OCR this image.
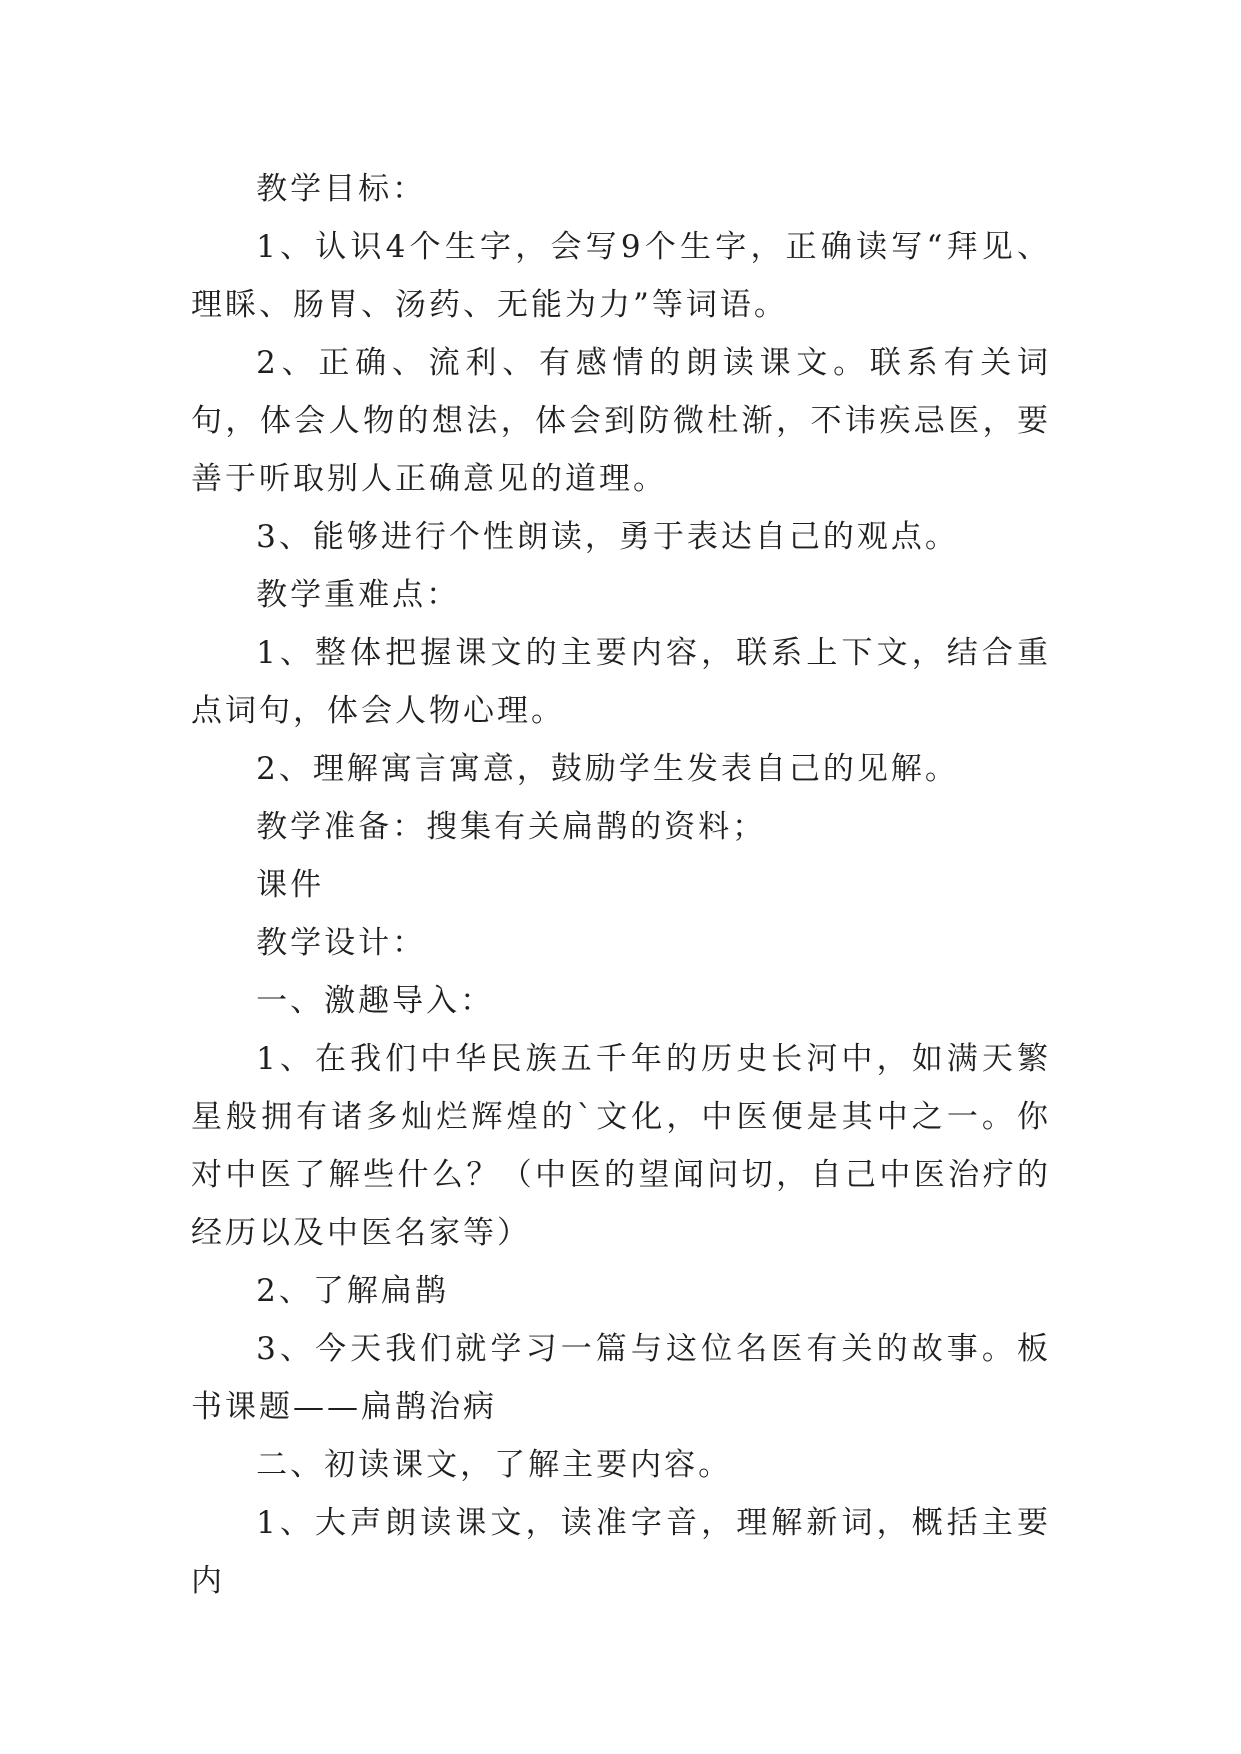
教学目标：

1、认识4个生字，会写9个生字，正确读写“拜见、理睬、肠胃、汤药、无能为力”等词语。

2、正确、流利、有感情的朗读课文。联系有关词句，体会人物的想法，体会到防微杜渐，不讳疾忌医，要善于听取别人正确意见的道理。

3、能够进行个性朗读，勇于表达自己的观点。

教学重难点：

1、整体把握课文的主要内容，联系上下文，结合重点词句，体会人物心理。

2、理解寓言寓意，鼓励学生发表自己的见解。

教学准备：搜集有关扁鹊的资料；

课件

教学设计：

一、激趣导入：

1、在我们中华民族五千年的历史长河中，如满天繁星般拥有诸多灿烂辉煌的`文化，中医便是其中之一。你对中医了解些什么？（中医的望闻问切，自己中医治疗的经历以及中医名家等）

2、了解扁鹊

3、今天我们就学习一篇与这位名医有关的故事。板书课题——扁鹊治病

二、初读课文，了解主要内容。

1、大声朗读课文，读准字音，理解新词，概括主要内
